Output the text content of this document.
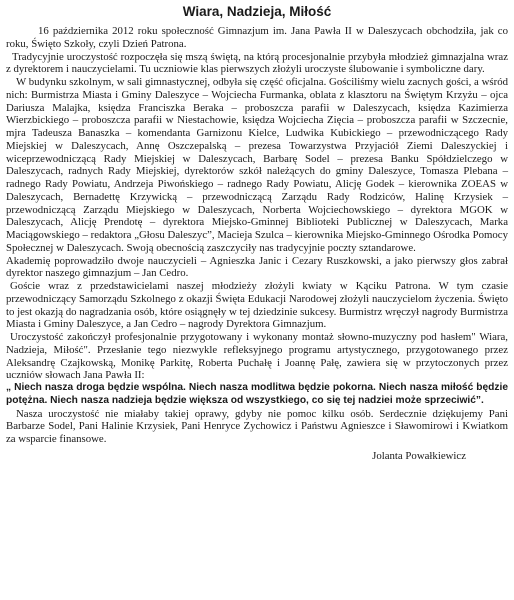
Wiara, Nadzieja, Miłość

16 października 2012 roku społeczność Gimnazjum im. Jana Pawła II w Daleszycach obchodziła, jak co roku, Święto Szkoły, czyli Dzień Patrona.

Tradycyjnie uroczystość rozpoczęła się mszą świętą, na którą procesjonalnie przybyła młodzież gimnazjalna wraz z dyrektorem i nauczycielami. Tu uczniowie klas pierwszych złożyli uroczyste ślubowanie i symboliczne dary.

W budynku szkolnym, w sali gimnastycznej, odbyła się część oficjalna. Gościliśmy wielu zacnych gości, a wśród nich: Burmistrza Miasta i Gminy Daleszyce – Wojciecha Furmanka, oblata z klasztoru na Świętym Krzyżu – ojca Dariusza Malajka, księdza Franciszka Beraka – proboszcza parafii w Daleszycach, księdza Kazimierza Wierzbickiego – proboszcza parafii w Niestachowie, księdza Wojciecha Zięcia – proboszcza parafii w Szczecnie, mjra Tadeusza Banaszka – komendanta Garnizonu Kielce, Ludwika Kubickiego – przewodniczącego Rady Miejskiej w Daleszycach, Annę Oszczepalską – prezesa Towarzystwa Przyjaciół Ziemi Daleszyckiej i wiceprzewodniczącą Rady Miejskiej w Daleszycach, Barbarę Sodel – prezesa Banku Spółdzielczego w Daleszycach, radnych Rady Miejskiej, dyrektorów szkół należących do gminy Daleszyce, Tomasza Plebana – radnego Rady Powiatu, Andrzeja Piwońskiego – radnego Rady Powiatu, Alicję Godek – kierownika ZOEAS w Daleszycach, Bernadettę Krzywicką – przewodniczącą Zarządu Rady Rodziców, Halinę Krzysiek – przewodniczącą Zarządu Miejskiego w Daleszycach, Norberta Wojciechowskiego – dyrektora MGOK w Daleszycach, Alicję Prendotę – dyrektora Miejsko-Gminnej Biblioteki Publicznej w Daleszycach, Marka Maciągowskiego – redaktora „Głosu Daleszyc”, Macieja Szulca – kierownika Miejsko-Gminnego Ośrodka Pomocy Społecznej w Daleszycach. Swoją obecnością zaszczyciły nas tradycyjnie poczty sztandarowe.

Akademię poprowadziło dwoje nauczycieli – Agnieszka Janic i Cezary Ruszkowski, a jako pierwszy głos zabrał dyrektor naszego gimnazjum – Jan Cedro.

Goście wraz z przedstawicielami naszej młodzieży złożyli kwiaty w Kąciku Patrona. W tym czasie przewodniczący Samorządu Szkolnego z okazji Święta Edukacji Narodowej złożyli nauczycielom życzenia. Święto to jest okazją do nagradzania osób, które osiągnęły w tej dziedzinie sukcesy. Burmistrz wręczył nagrody Burmistrza Miasta i Gminy Daleszyce, a Jan Cedro – nagrody Dyrektora Gimnazjum.

Uroczystość zakończył profesjonalnie przygotowany i wykonany montaż słowno-muzyczny pod hasłem" Wiara, Nadzieja, Miłość". Przesłanie tego niezwykle refleksyjnego programu artystycznego, przygotowanego przez Aleksandrę Czajkowską, Monikę Parkitę, Roberta Puchałę i Joannę Pałę, zawiera się w przytoczonych przez uczniów słowach Jana Pawła II:

„ Niech nasza droga będzie wspólna. Niech nasza modlitwa będzie pokorna. Niech nasza miłość będzie potężna. Niech nasza nadzieja będzie większa od wszystkiego, co się tej nadziei może sprzeciwić”.

Nasza uroczystość nie miałaby takiej oprawy, gdyby nie pomoc kilku osób. Serdecznie dziękujemy Pani Barbarze Sodel, Pani Halinie Krzysiek, Pani Henryce Zychowicz i Państwu Agnieszce i Sławomirowi i Kwiatkom za wsparcie finansowe.

Jolanta Powałkiewicz
